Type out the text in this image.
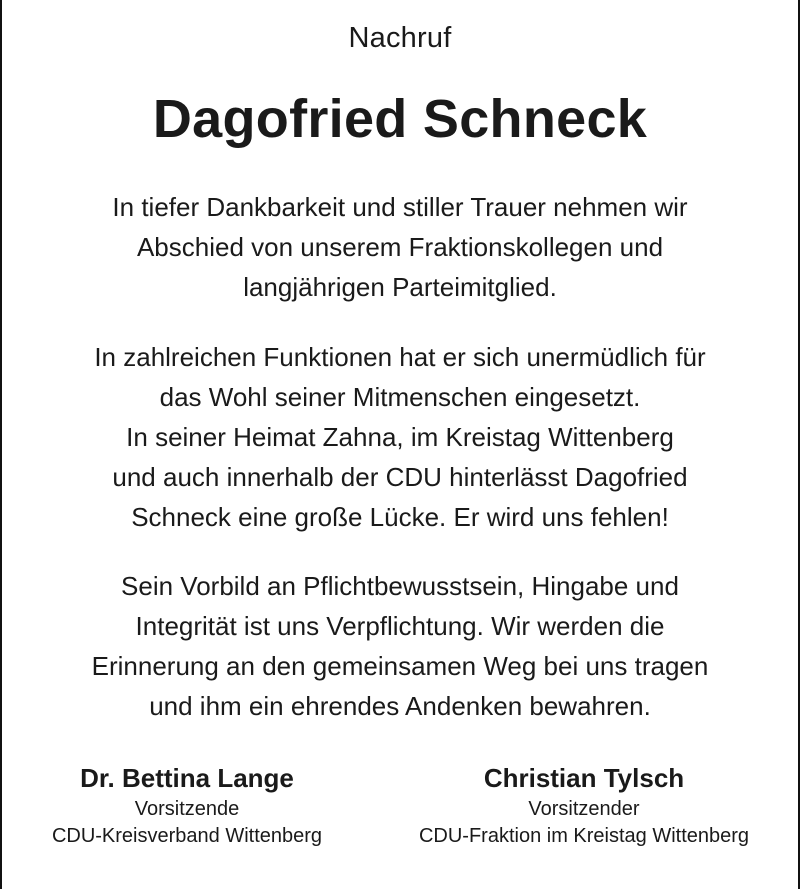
Nachruf
Dagofried Schneck
In tiefer Dankbarkeit und stiller Trauer nehmen wir
Abschied von unserem Fraktionskollegen und
langjährigen Parteimitglied.
In zahlreichen Funktionen hat er sich unermüdlich für
das Wohl seiner Mitmenschen eingesetzt.
In seiner Heimat Zahna, im Kreistag Wittenberg
und auch innerhalb der CDU hinterlässt Dagofried
Schneck eine große Lücke. Er wird uns fehlen!
Sein Vorbild an Pflichtbewusstsein, Hingabe und
Integrität ist uns Verpflichtung. Wir werden die
Erinnerung an den gemeinsamen Weg bei uns tragen
und ihm ein ehrendes Andenken bewahren.
Dr. Bettina Lange
Vorsitzende
CDU-Kreisverband Wittenberg
Christian Tylsch
Vorsitzender
CDU-Fraktion im Kreistag Wittenberg
